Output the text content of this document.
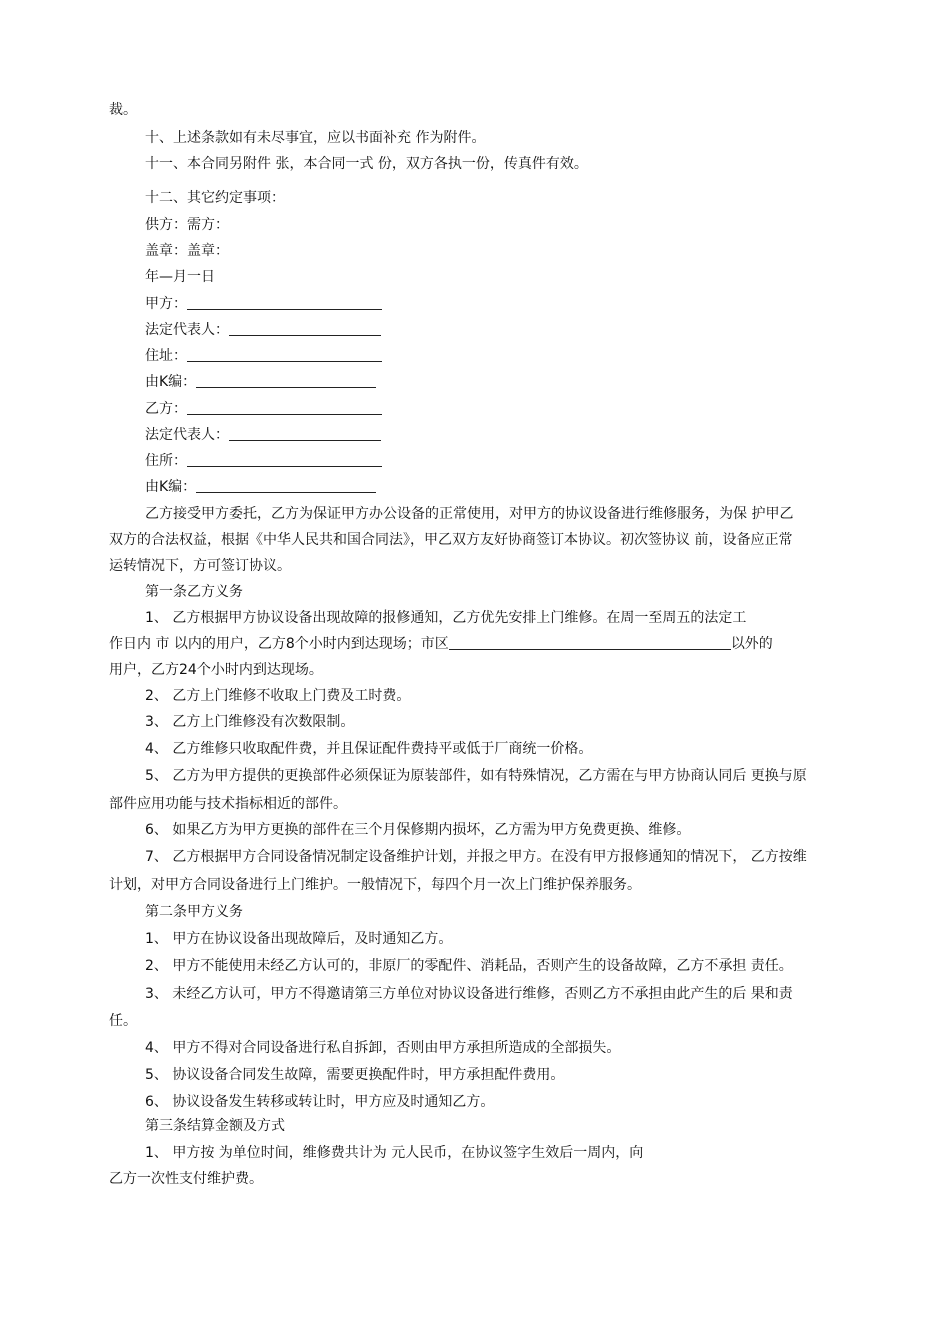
裁。
十、上述条款如有未尽事宜，应以书面补充 作为附件。
十一、本合同另附件 张，本合同一式 份，双方各执一份，传真件有效。
十二、其它约定事项：
供方：需方：
盖章：盖章：
年—月一日
甲方：
法定代表人：
住址：
由Κ编：
乙方：
法定代表人：
住所：
由Κ编：
乙方接受甲方委托，乙方为保证甲方办公设备的正常使用，对甲方的协议设备进行维修服务，为保 护甲乙
双方的合法权益，根据《中华人民共和国合同法》，甲乙双方友好协商签订本协议。初次签协议 前，设备应正常
运转情况下，方可签订协议。
第一条乙方义务
1、 乙方根据甲方协议设备出现故障的报修通知，乙方优先安排上门维修。在周一至周五的法定工
作日内 市 以内的用户，乙方8个小时内到达现场；市区	以外的
用户，乙方24个小时内到达现场。
2、 乙方上门维修不收取上门费及工时费。
3、 乙方上门维修没有次数限制。
4、 乙方维修只收取配件费，并且保证配件费持平或低于厂商统一价格。
5、 乙方为甲方提供的更换部件必须保证为原装部件，如有特殊情况，乙方需在与甲方协商认同后 更换与原
部件应用功能与技术指标相近的部件。
6、 如果乙方为甲方更换的部件在三个月保修期内损坏，乙方需为甲方免费更换、维修。
7、 乙方根据甲方合同设备情况制定设备维护计划，并报之甲方。在没有甲方报修通知的情况下， 乙方按维
计划，对甲方合同设备进行上门维护。一般情况下，每四个月一次上门维护保养服务。
第二条甲方义务
1、 甲方在协议设备出现故障后，及时通知乙方。
2、 甲方不能使用未经乙方认可的，非原厂的零配件、消耗品，否则产生的设备故障，乙方不承担 责任。
3、 未经乙方认可，甲方不得邀请第三方单位对协议设备进行维修，否则乙方不承担由此产生的后 果和责
任。
4、 甲方不得对合同设备进行私自拆卸，否则由甲方承担所造成的全部损失。
5、 协议设备合同发生故障，需要更换配件时，甲方承担配件费用。
6、 协议设备发生转移或转让时，甲方应及时通知乙方。
第三条结算金额及方式
1、 甲方按 为单位时间，维修费共计为 元人民币，在协议签字生效后一周内，向
乙方一次性支付维护费。
